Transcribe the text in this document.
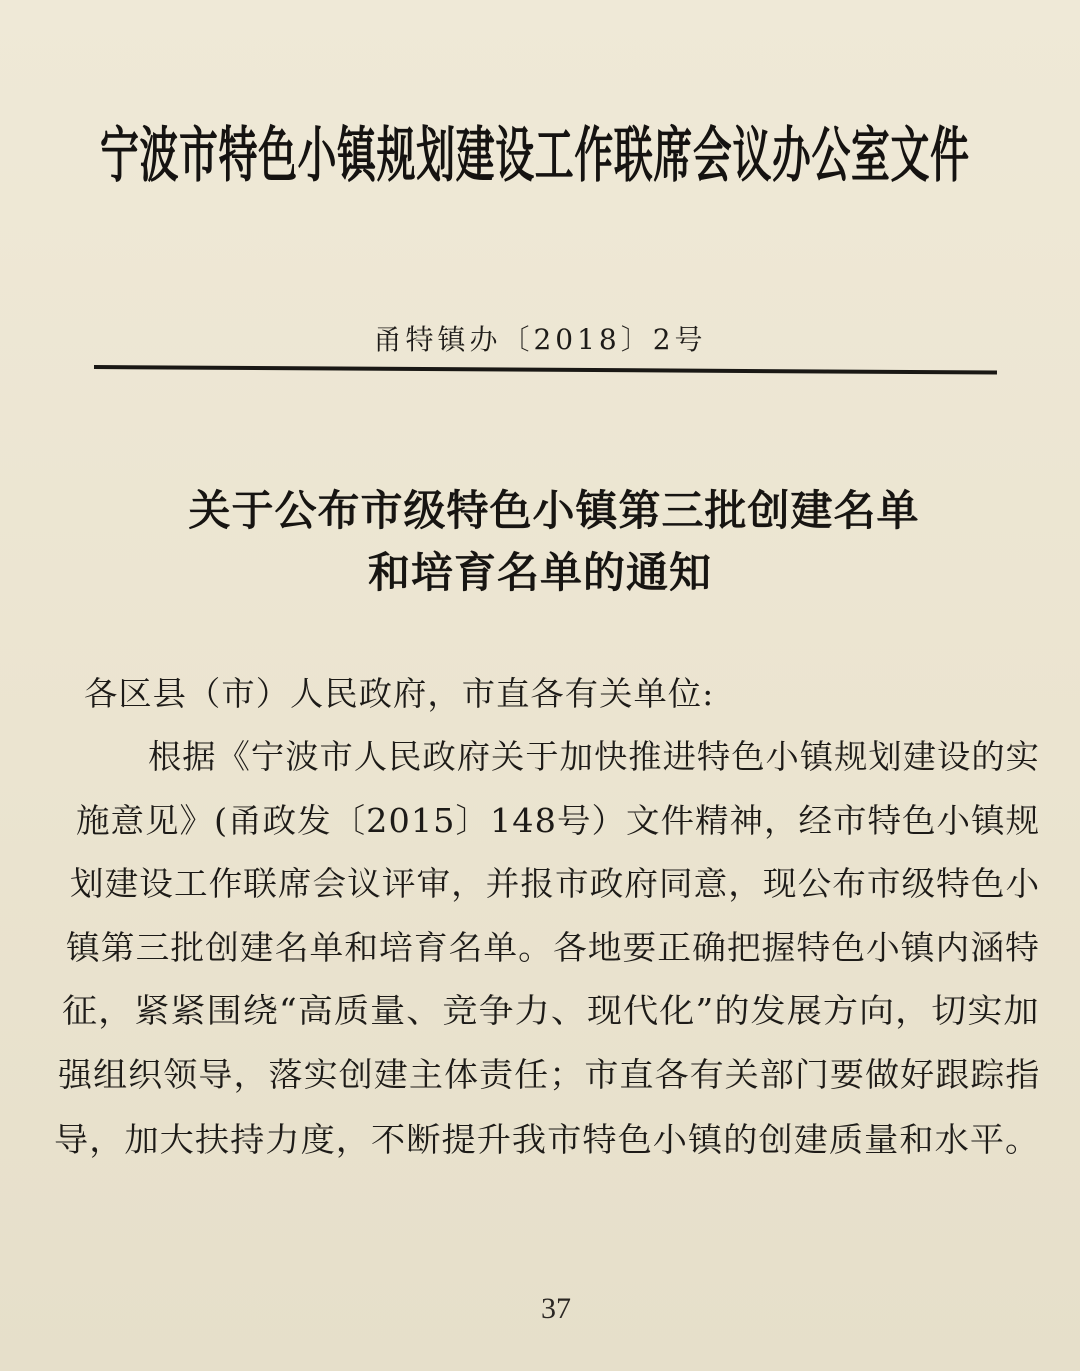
宁波市特色小镇规划建设工作联席会议办公室文件
甬特镇办〔2018〕2号
关于公布市级特色小镇第三批创建名单
和培育名单的通知
各区县（市）人民政府，市直各有关单位:
根据《宁波市人民政府关于加快推进特色小镇规划建设的实
施意见》(甬政发〔2015〕148号）文件精神，经市特色小镇规
划建设工作联席会议评审，并报市政府同意，现公布市级特色小
镇第三批创建名单和培育名单。各地要正确把握特色小镇内涵特
征，紧紧围绕“高质量、竞争力、现代化”的发展方向，切实加
强组织领导，落实创建主体责任；市直各有关部门要做好跟踪指
导，加大扶持力度，不断提升我市特色小镇的创建质量和水平。
37
